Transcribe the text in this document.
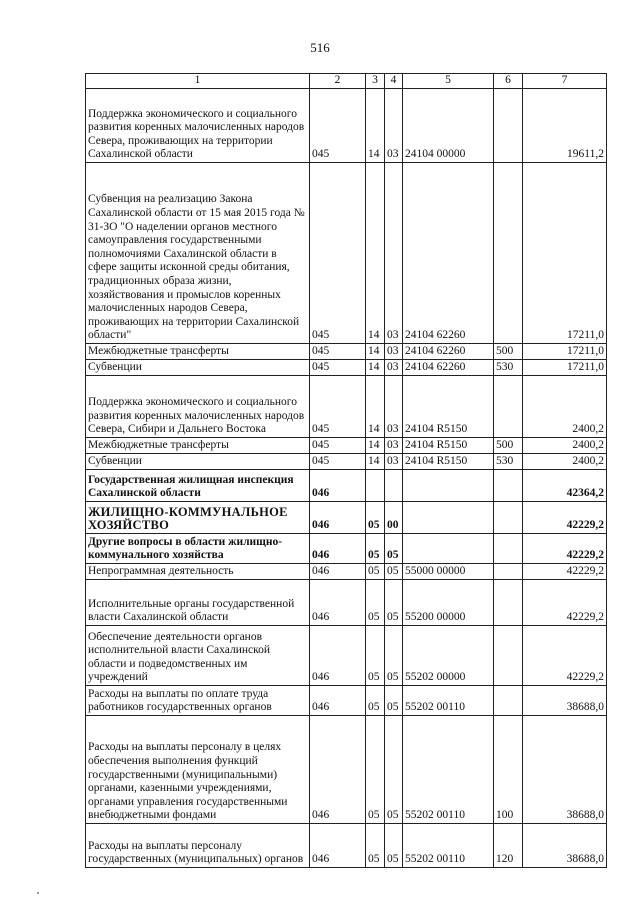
516
1	2	3	4	5	6	7
Поддержка экономического и социального развития коренных малочисленных народов Севера, проживающих на территории Сахалинской области	045	14	03	24104 00000		19611,2
Субвенция на реализацию Закона Сахалинской области от 15 мая 2015 года № 31-ЗО "О наделении органов местного самоуправления государственными полномочиями Сахалинской области в сфере защиты исконной среды обитания, традиционных образа жизни, хозяйствования и промыслов коренных малочисленных народов Севера, проживающих на территории Сахалинской области"	045	14	03	24104 62260		17211,0
Межбюджетные трансферты	045	14	03	24104 62260	500	17211,0
Субвенции	045	14	03	24104 62260	530	17211,0
Поддержка экономического и социального развития коренных малочисленных народов Севера, Сибири и Дальнего Востока	045	14	03	24104 R5150		2400,2
Межбюджетные трансферты	045	14	03	24104 R5150	500	2400,2
Субвенции	045	14	03	24104 R5150	530	2400,2
Государственная жилищная инспекция Сахалинской области	046					42364,2
ЖИЛИЩНО-КОММУНАЛЬНОЕ ХОЗЯЙСТВО	046	05	00			42229,2
Другие вопросы в области жилищно-коммунального хозяйства	046	05	05			42229,2
Непрограммная деятельность	046	05	05	55000 00000		42229,2
Исполнительные органы государственной власти Сахалинской области	046	05	05	55200 00000		42229,2
Обеспечение деятельности органов исполнительной власти Сахалинской области и подведомственных им учреждений	046	05	05	55202 00000		42229,2
Расходы на выплаты по оплате труда работников государственных органов	046	05	05	55202 00110		38688,0
Расходы на выплаты персоналу в целях обеспечения выполнения функций государственными (муниципальными) органами, казенными учреждениями, органами управления государственными внебюджетными фондами	046	05	05	55202 00110	100	38688,0
Расходы на выплаты персоналу государственных (муниципальных) органов	046	05	05	55202 00110	120	38688,0
